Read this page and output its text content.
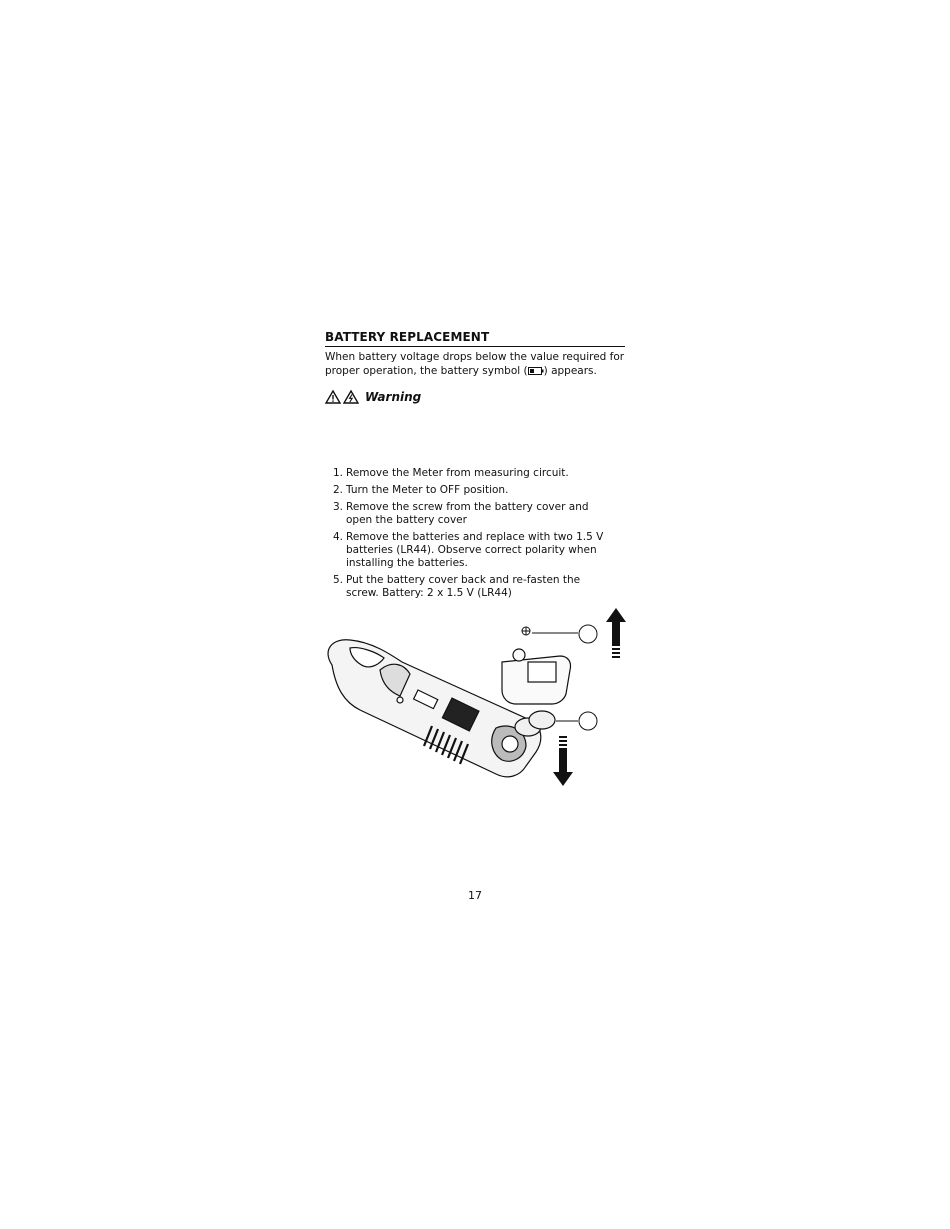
BATTERY REPLACEMENT

When battery voltage drops below the value required for proper operation, the battery symbol ( ) appears.

Warning
1. Remove the Meter from measuring circuit.
2. Turn the Meter to OFF position.
3. Remove the screw from the battery cover and open the battery cover
4. Remove the batteries and replace with two 1.5 V batteries (LR44). Observe correct polarity when installing the batteries.
5. Put the battery cover back and re-fasten the screw. Battery: 2 x 1.5 V (LR44)
17
